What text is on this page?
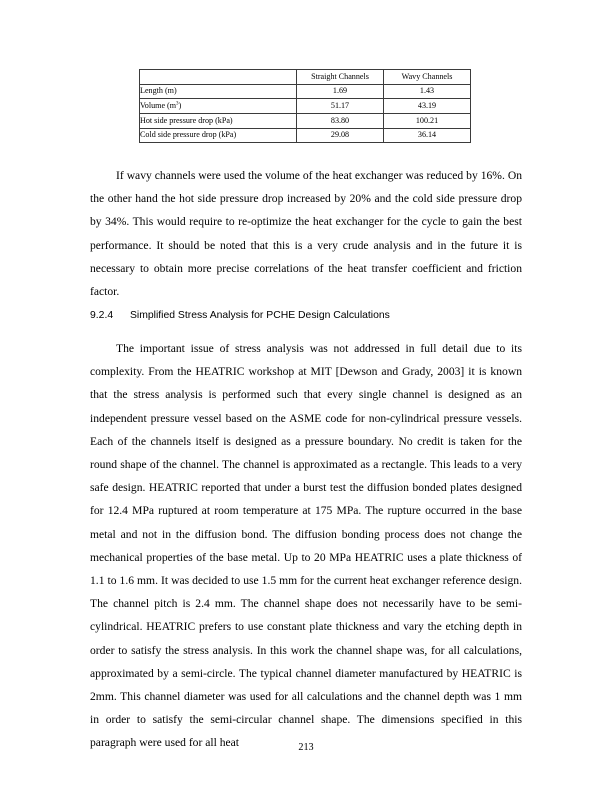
	Straight Channels	Wavy Channels
Length (m)	1.69	1.43
Volume $(m^3)$	51.17	43.19
Hot side pressure drop (kPa)	83.80	100.21
Cold side pressure drop (kPa)	29.08	36.14

If wavy channels were used the volume of the heat exchanger was reduced by 16%. On the other hand the hot side pressure drop increased by 20% and the cold side pressure drop by 34%. This would require to re-optimize the heat exchanger for the cycle to gain the best performance. It should be noted that this is a very crude analysis and in the future it is necessary to obtain more precise correlations of the heat transfer coefficient and friction factor.

9.2.4 Simplified Stress Analysis for PCHE Design Calculations

The important issue of stress analysis was not addressed in full detail due to its complexity. From the HEATRIC workshop at MIT [Dewson and Grady, 2003] it is known that the stress analysis is performed such that every single channel is designed as an independent pressure vessel based on the ASME code for non-cylindrical pressure vessels. Each of the channels itself is designed as a pressure boundary. No credit is taken for the round shape of the channel. The channel is approximated as a rectangle. This leads to a very safe design. HEATRIC reported that under a burst test the diffusion bonded plates designed for 12.4 MPa ruptured at room temperature at 175 MPa. The rupture occurred in the base metal and not in the diffusion bond. The diffusion bonding process does not change the mechanical properties of the base metal. Up to 20 MPa HEATRIC uses a plate thickness of 1.1 to 1.6 mm. It was decided to use 1.5 mm for the current heat exchanger reference design. The channel pitch is 2.4 mm. The channel shape does not necessarily have to be semi-cylindrical. HEATRIC prefers to use constant plate thickness and vary the etching depth in order to satisfy the stress analysis. In this work the channel shape was, for all calculations, approximated by a semi-circle. The typical channel diameter manufactured by HEATRIC is 2mm. This channel diameter was used for all calculations and the channel depth was 1 mm in order to satisfy the semi-circular channel shape. The dimensions specified in this paragraph were used for all heat	213
